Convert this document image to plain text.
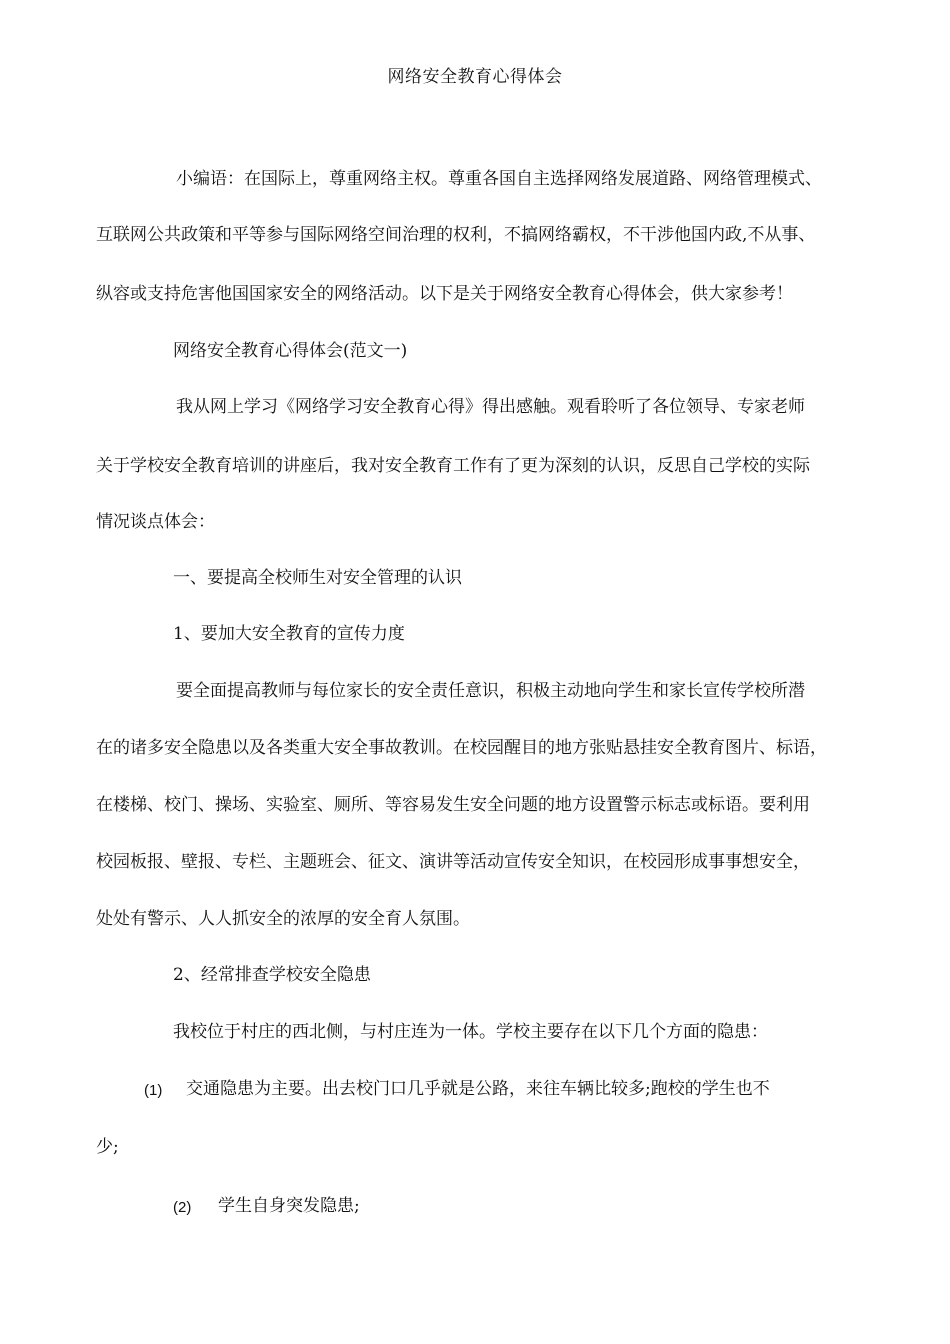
网络安全教育心得体会
小编语：在国际上，尊重网络主权。尊重各国自主选择网络发展道路、网络管理模式、
互联网公共政策和平等参与国际网络空间治理的权利，不搞网络霸权，不干涉他国内政,不从事、
纵容或支持危害他国国家安全的网络活动。以下是关于网络安全教育心得体会，供大家参考！
网络安全教育心得体会(范文一)
我从网上学习《网络学习安全教育心得》得出感触。观看聆听了各位领导、专家老师
关于学校安全教育培训的讲座后，我对安全教育工作有了更为深刻的认识，反思自己学校的实际
情况谈点体会：
一、要提高全校师生对安全管理的认识
1、要加大安全教育的宣传力度
要全面提高教师与每位家长的安全责任意识，积极主动地向学生和家长宣传学校所潜
在的诸多安全隐患以及各类重大安全事故教训。在校园醒目的地方张贴悬挂安全教育图片、标语，
在楼梯、校门、操场、实验室、厕所、等容易发生安全问题的地方设置警示标志或标语。要利用
校园板报、壁报、专栏、主题班会、征文、演讲等活动宣传安全知识，在校园形成事事想安全，
处处有警示、人人抓安全的浓厚的安全育人氛围。
2、经常排查学校安全隐患
我校位于村庄的西北侧，与村庄连为一体。学校主要存在以下几个方面的隐患：
(1) 交通隐患为主要。出去校门口几乎就是公路，来往车辆比较多;跑校的学生也不
少;
(2) 学生自身突发隐患;
